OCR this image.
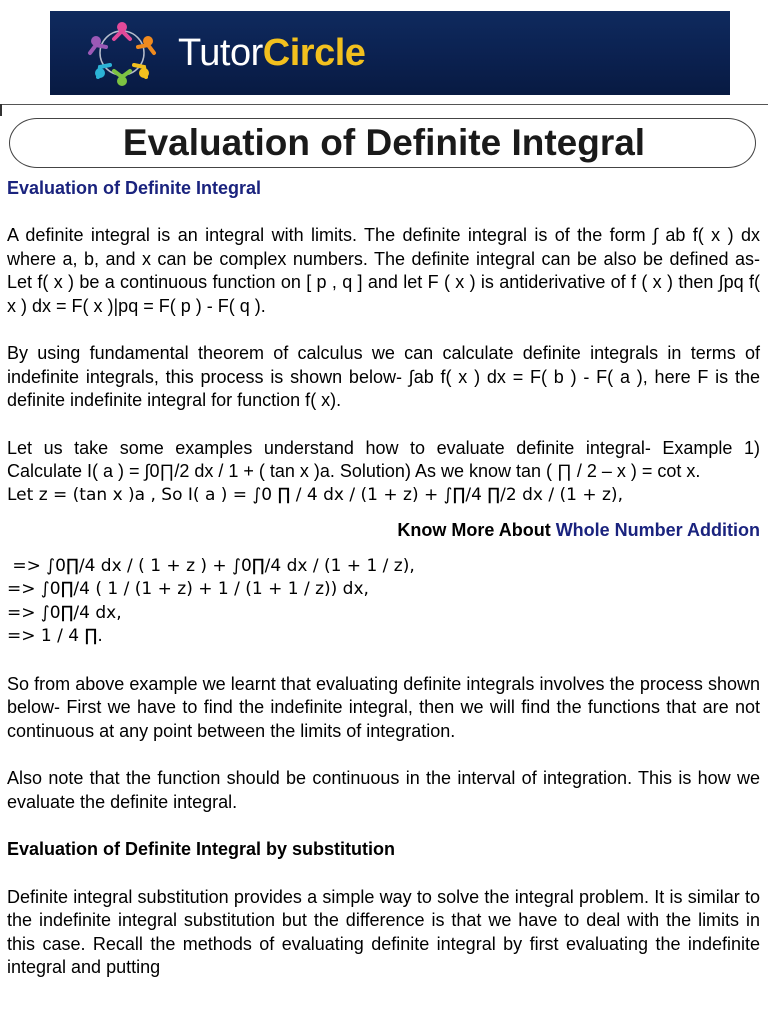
TutorCircle
Evaluation of Definite Integral

Evaluation of Definite Integral

A definite integral is an integral with limits. The definite integral is of the form ∫ ab f( x ) dx where a, b, and x can be complex numbers. The definite integral can be also be defined as- Let f( x ) be a continuous function on [ p , q ] and let F ( x ) is antiderivative of f ( x ) then ∫pq f( x ) dx = F( x )|pq = F( p ) - F( q ).

By using fundamental theorem of calculus we can calculate definite integrals in terms of indefinite integrals, this process is shown below- ∫ab f( x ) dx = F( b ) - F( a ), here F is the definite indefinite integral for function f( x).

Let us take some examples understand how to evaluate definite integral- Example 1) Calculate I( a ) = ∫0∏/2 dx / 1 + ( tan x )a. Solution) As we know tan ( ∏ / 2 – x ) = cot x.

Let z = (tan x )a , So I( a ) = ∫0 ∏ / 4 dx / (1 + z) + ∫∏/4 ∏/2 dx / (1 + z),

Know More About Whole Number Addition

=> ∫0∏/4 dx / ( 1 + z ) + ∫0∏/4 dx / (1 + 1 / z),

=> ∫0∏/4 ( 1 / (1 + z) + 1 / (1 + 1 / z)) dx,

=> ∫0∏/4 dx,

=> 1 / 4 ∏.

So from above example we learnt that evaluating definite integrals involves the process shown below- First we have to find the indefinite integral, then we will find the functions that are not continuous at any point between the limits of integration.

Also note that the function should be continuous in the interval of integration. This is how we evaluate the definite integral.

Evaluation of Definite Integral by substitution

Definite integral substitution provides a simple way to solve the integral problem. It is similar to the indefinite integral substitution but the difference is that we have to deal with the limits in this case. Recall the methods of evaluating definite integral by first evaluating the indefinite integral and putting
